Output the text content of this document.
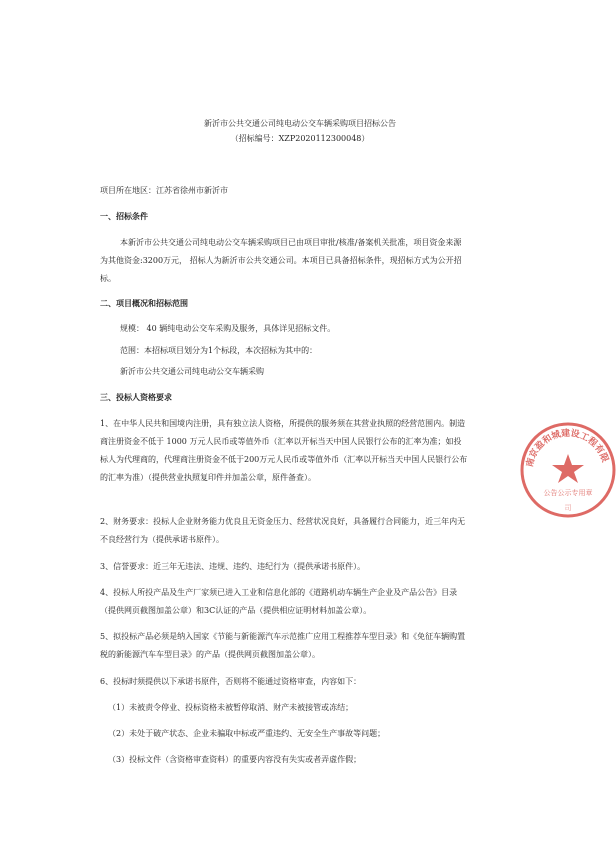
新沂市公共交通公司纯电动公交车辆采购项目招标公告
（招标编号：XZP2020112300048）
项目所在地区：江苏省徐州市新沂市
一、招标条件
本新沂市公共交通公司纯电动公交车辆采购项目已由项目审批/核准/备案机关批准，项目资金来源
为其他资金:3200万元， 招标人为新沂市公共交通公司。本项目已具备招标条件，现招标方式为公开招
标。
二、项目概况和招标范围
规模： 40 辆纯电动公交车采购及服务，具体详见招标文件。
范围：本招标项目划分为1个标段，本次招标为其中的：
新沂市公共交通公司纯电动公交车辆采购
三、投标人资格要求
1、在中华人民共和国境内注册，具有独立法人资格，所提供的服务须在其营业执照的经营范围内。制造
商注册资金不低于 1000 万元人民币或等值外币（汇率以开标当天中国人民银行公布的汇率为准；如投
标人为代理商的，代理商注册资金不低于200万元人民币或等值外币（汇率以开标当天中国人民银行公布
的汇率为准）（提供营业执照复印件并加盖公章，原件备查）。
2、财务要求：投标人企业财务能力优良且无资金压力、经营状况良好，具备履行合同能力，近三年内无
不良经营行为（提供承诺书原件）。
3、信誉要求：近三年无违法、违规、违约、违纪行为（提供承诺书原件）。
4、投标人所投产品及生产厂家须已进入工业和信息化部的《道路机动车辆生产企业及产品公告》目录
（提供网页截图加盖公章）和3C认证的产品（提供相应证明材料加盖公章）。
5、拟投标产品必须是纳入国家《节能与新能源汽车示范推广应用工程推荐车型目录》和《免征车辆购置
税的新能源汽车车型目录》的产品（提供网页截图加盖公章）。
6、投标时须提供以下承诺书原件，否则将不能通过资格审查，内容如下：
（1）未被责令停业、投标资格未被暂停取消、财产未被接管或冻结；
（2）未处于破产状态、企业未骗取中标或严重违约、无安全生产事故等问题；
（3）投标文件（含资格审查资料）的重要内容没有失实或者弄虚作假；
南京盈和城建设工程有限
公告公示专用章
司
